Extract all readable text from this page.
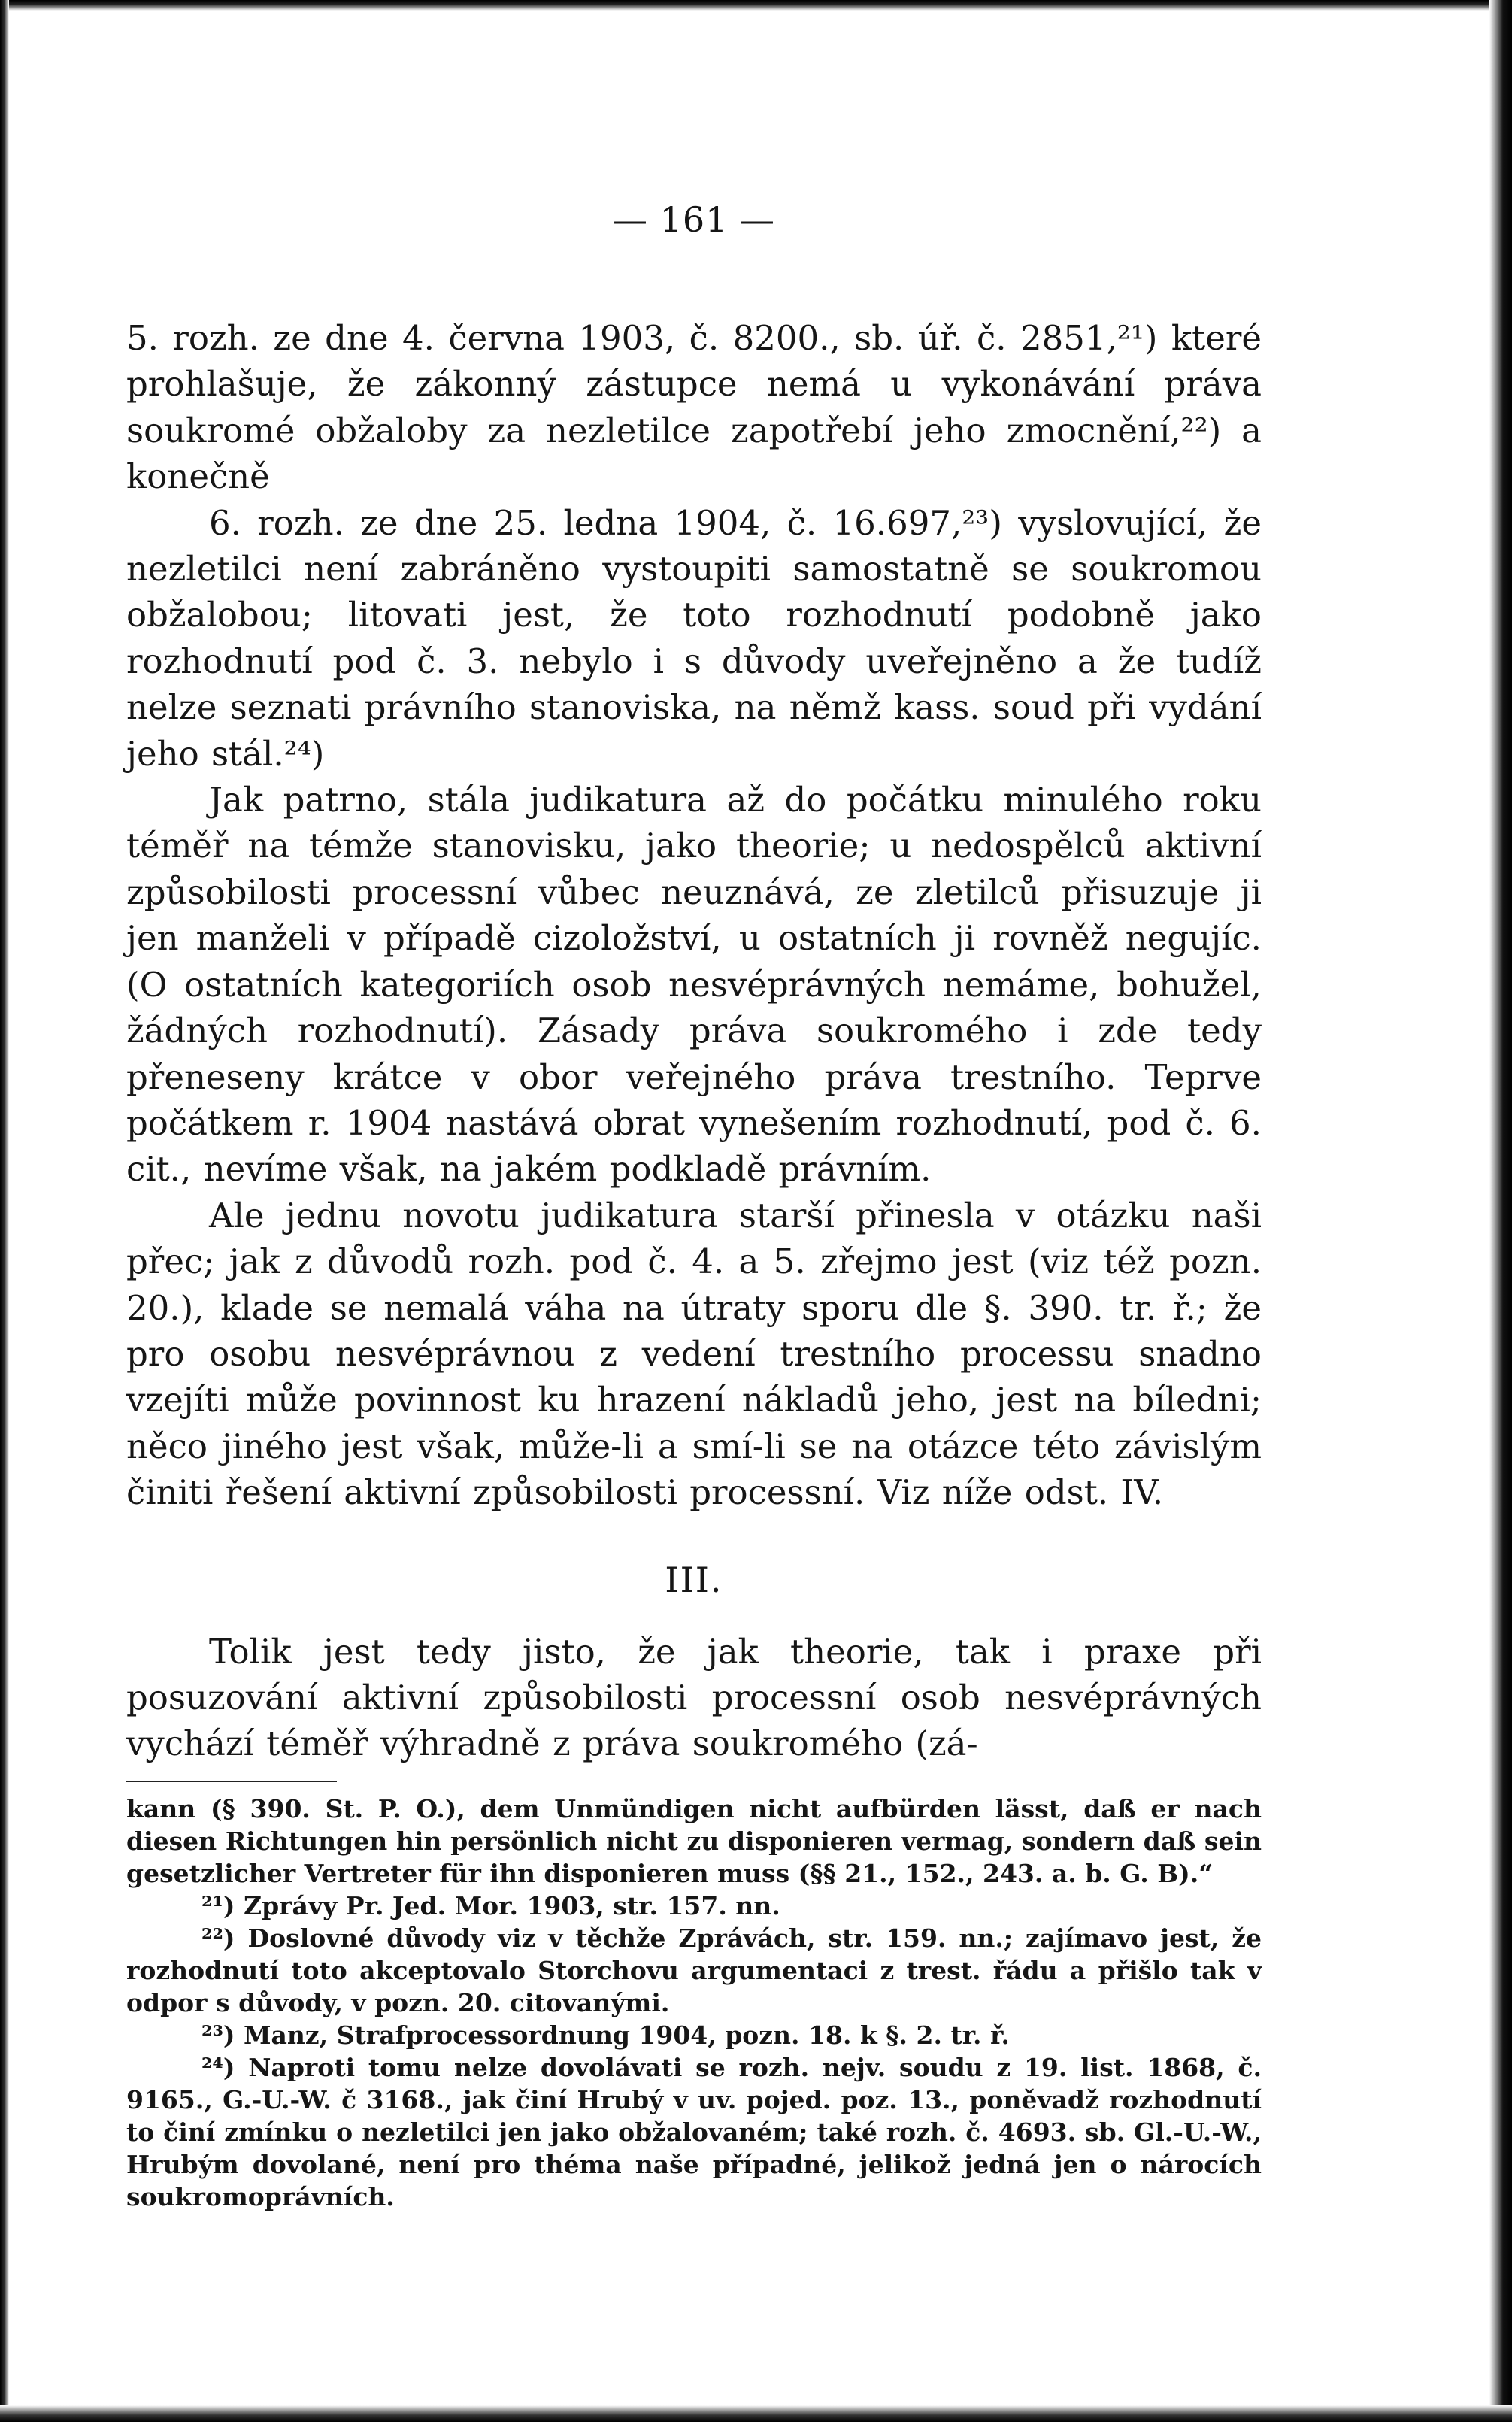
— 161 —

5. rozh. ze dne 4. června 1903, č. 8200., sb. úř. č. 2851,²¹) které prohlašuje, že zákonný zástupce nemá u vykonávání práva soukromé obžaloby za nezletilce zapotřebí jeho zmocnění,²²) a konečně

6. rozh. ze dne 25. ledna 1904, č. 16.697,²³) vyslovující, že nezletilci není zabráněno vystoupiti samostatně se soukromou obžalobou; litovati jest, že toto rozhodnutí podobně jako rozhodnutí pod č. 3. nebylo i s důvody uveřejněno a že tudíž nelze seznati právního stanoviska, na němž kass. soud při vydání jeho stál.²⁴)

Jak patrno, stála judikatura až do počátku minulého roku téměř na témže stanovisku, jako theorie; u nedospělců aktivní způsobilosti processní vůbec neuznává, ze zletilců přisuzuje ji jen manželi v případě cizoložství, u ostatních ji rovněž negujíc. (O ostatních kategoriích osob nesvéprávných nemáme, bohužel, žádných rozhodnutí). Zásady práva soukromého i zde tedy přeneseny krátce v obor veřejného práva trestního. Teprve počátkem r. 1904 nastává obrat vynešením rozhodnutí, pod č. 6. cit., nevíme však, na jakém podkladě právním.

Ale jednu novotu judikatura starší přinesla v otázku naši přec; jak z důvodů rozh. pod č. 4. a 5. zřejmo jest (viz též pozn. 20.), klade se nemalá váha na útraty sporu dle §. 390. tr. ř.; že pro osobu nesvéprávnou z vedení trestního processu snadno vzejíti může povinnost ku hrazení nákladů jeho, jest na bíledni; něco jiného jest však, může-li a smí-li se na otázce této závislým činiti řešení aktivní způsobilosti processní. Viz níže odst. IV.

III.

Tolik jest tedy jisto, že jak theorie, tak i praxe při posuzování aktivní způsobilosti processní osob nesvéprávných vychází téměř výhradně z práva soukromého (zá-

kann (§ 390. St. P. O.), dem Unmündigen nicht aufbürden lässt, daß er nach diesen Richtungen hin persönlich nicht zu disponieren vermag, sondern daß sein gesetzlicher Vertreter für ihn disponieren muss (§§ 21., 152., 243. a. b. G. B).“

²¹) Zprávy Pr. Jed. Mor. 1903, str. 157. nn.

²²) Doslovné důvody viz v těchže Zprávách, str. 159. nn.; zajímavo jest, že rozhodnutí toto akceptovalo Storchovu argumentaci z trest. řádu a přišlo tak v odpor s důvody, v pozn. 20. citovanými.

²³) Manz, Strafprocessordnung 1904, pozn. 18. k §. 2. tr. ř.

²⁴) Naproti tomu nelze dovolávati se rozh. nejv. soudu z 19. list. 1868, č. 9165., G.-U.-W. č 3168., jak činí Hrubý v uv. pojed. poz. 13., poněvadž rozhodnutí to činí zmínku o nezletilci jen jako obžalovaném; také rozh. č. 4693. sb. Gl.-U.-W., Hrubým dovolané, není pro théma naše případné, jelikož jedná jen o nárocích soukromoprávních.
